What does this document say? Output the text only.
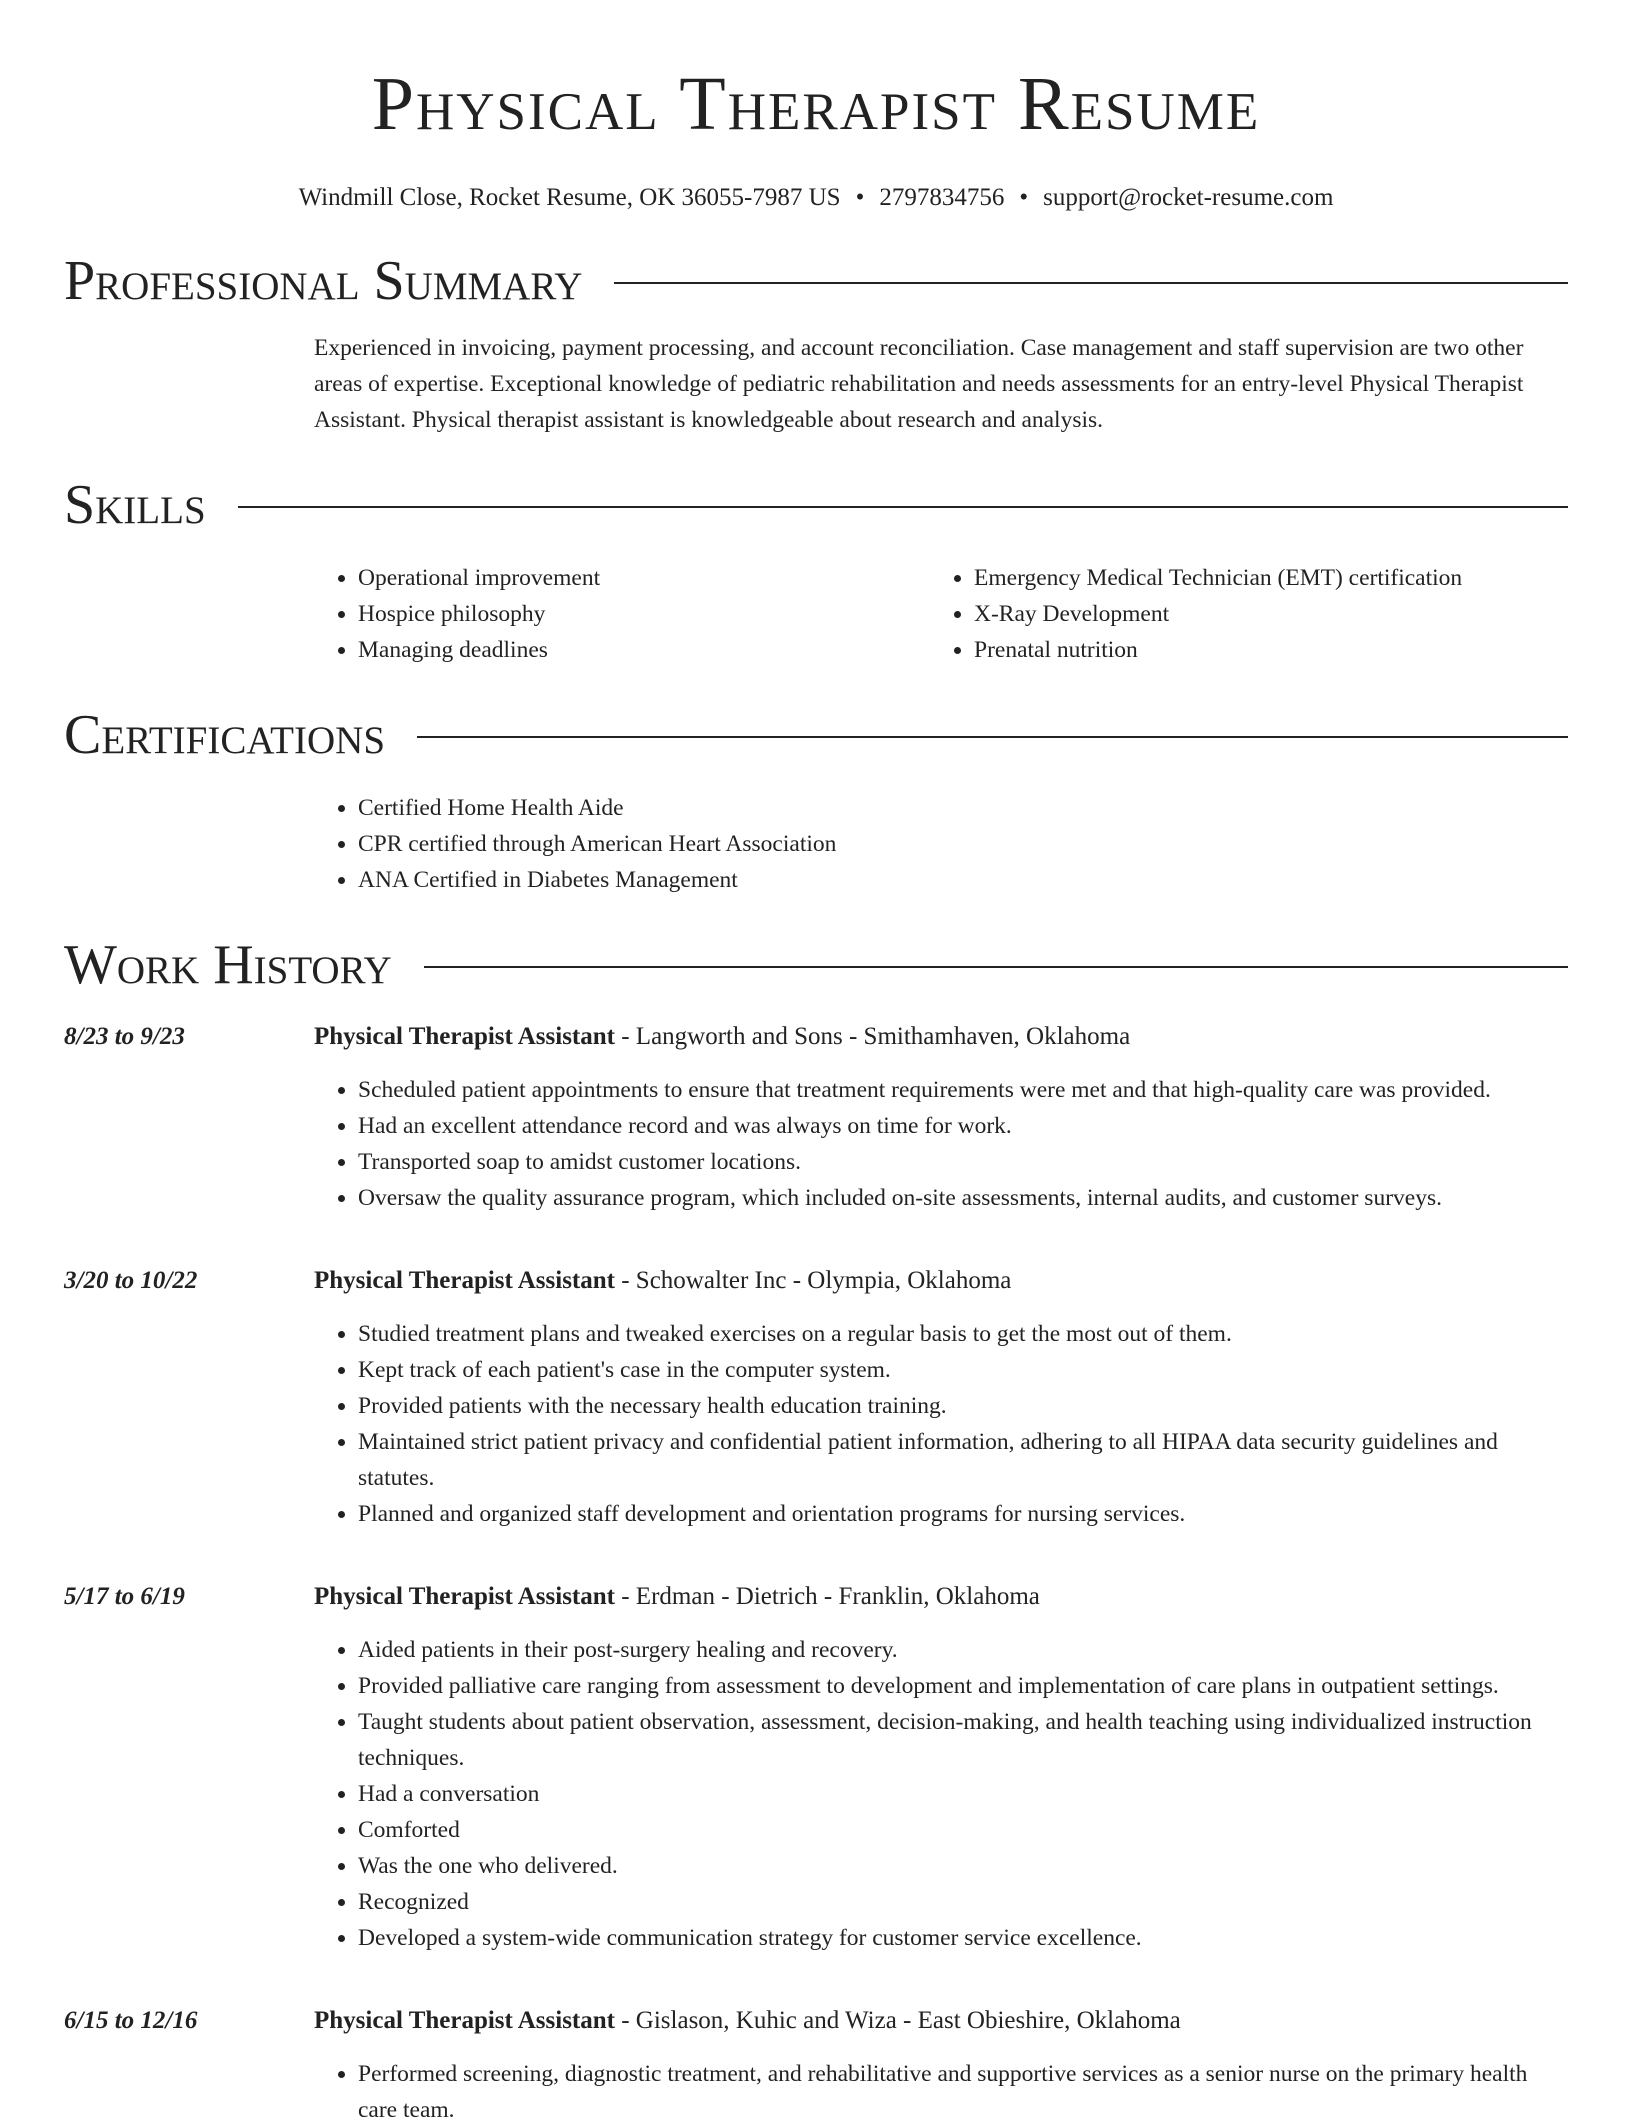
Physical Therapist Resume
Windmill Close, Rocket Resume, OK 36055-7987 US • 2797834756 • support@rocket-resume.com
Professional Summary
Experienced in invoicing, payment processing, and account reconciliation. Case management and staff supervision are two other areas of expertise. Exceptional knowledge of pediatric rehabilitation and needs assessments for an entry-level Physical Therapist Assistant. Physical therapist assistant is knowledgeable about research and analysis.
Skills
• Operational improvement
• Hospice philosophy
• Managing deadlines
• Emergency Medical Technician (EMT) certification
• X-Ray Development
• Prenatal nutrition
Certifications
• Certified Home Health Aide
• CPR certified through American Heart Association
• ANA Certified in Diabetes Management
Work History
8/23 to 9/23	Physical Therapist Assistant - Langworth and Sons - Smithamhaven, Oklahoma
• Scheduled patient appointments to ensure that treatment requirements were met and that high-quality care was provided.
• Had an excellent attendance record and was always on time for work.
• Transported soap to amidst customer locations.
• Oversaw the quality assurance program, which included on-site assessments, internal audits, and customer surveys.
3/20 to 10/22	Physical Therapist Assistant - Schowalter Inc - Olympia, Oklahoma
• Studied treatment plans and tweaked exercises on a regular basis to get the most out of them.
• Kept track of each patient's case in the computer system.
• Provided patients with the necessary health education training.
• Maintained strict patient privacy and confidential patient information, adhering to all HIPAA data security guidelines and statutes.
• Planned and organized staff development and orientation programs for nursing services.
5/17 to 6/19	Physical Therapist Assistant - Erdman - Dietrich - Franklin, Oklahoma
• Aided patients in their post-surgery healing and recovery.
• Provided palliative care ranging from assessment to development and implementation of care plans in outpatient settings.
• Taught students about patient observation, assessment, decision-making, and health teaching using individualized instruction techniques.
• Had a conversation
• Comforted
• Was the one who delivered.
• Recognized
• Developed a system-wide communication strategy for customer service excellence.
6/15 to 12/16	Physical Therapist Assistant - Gislason, Kuhic and Wiza - East Obieshire, Oklahoma
• Performed screening, diagnostic treatment, and rehabilitative and supportive services as a senior nurse on the primary health care team.
